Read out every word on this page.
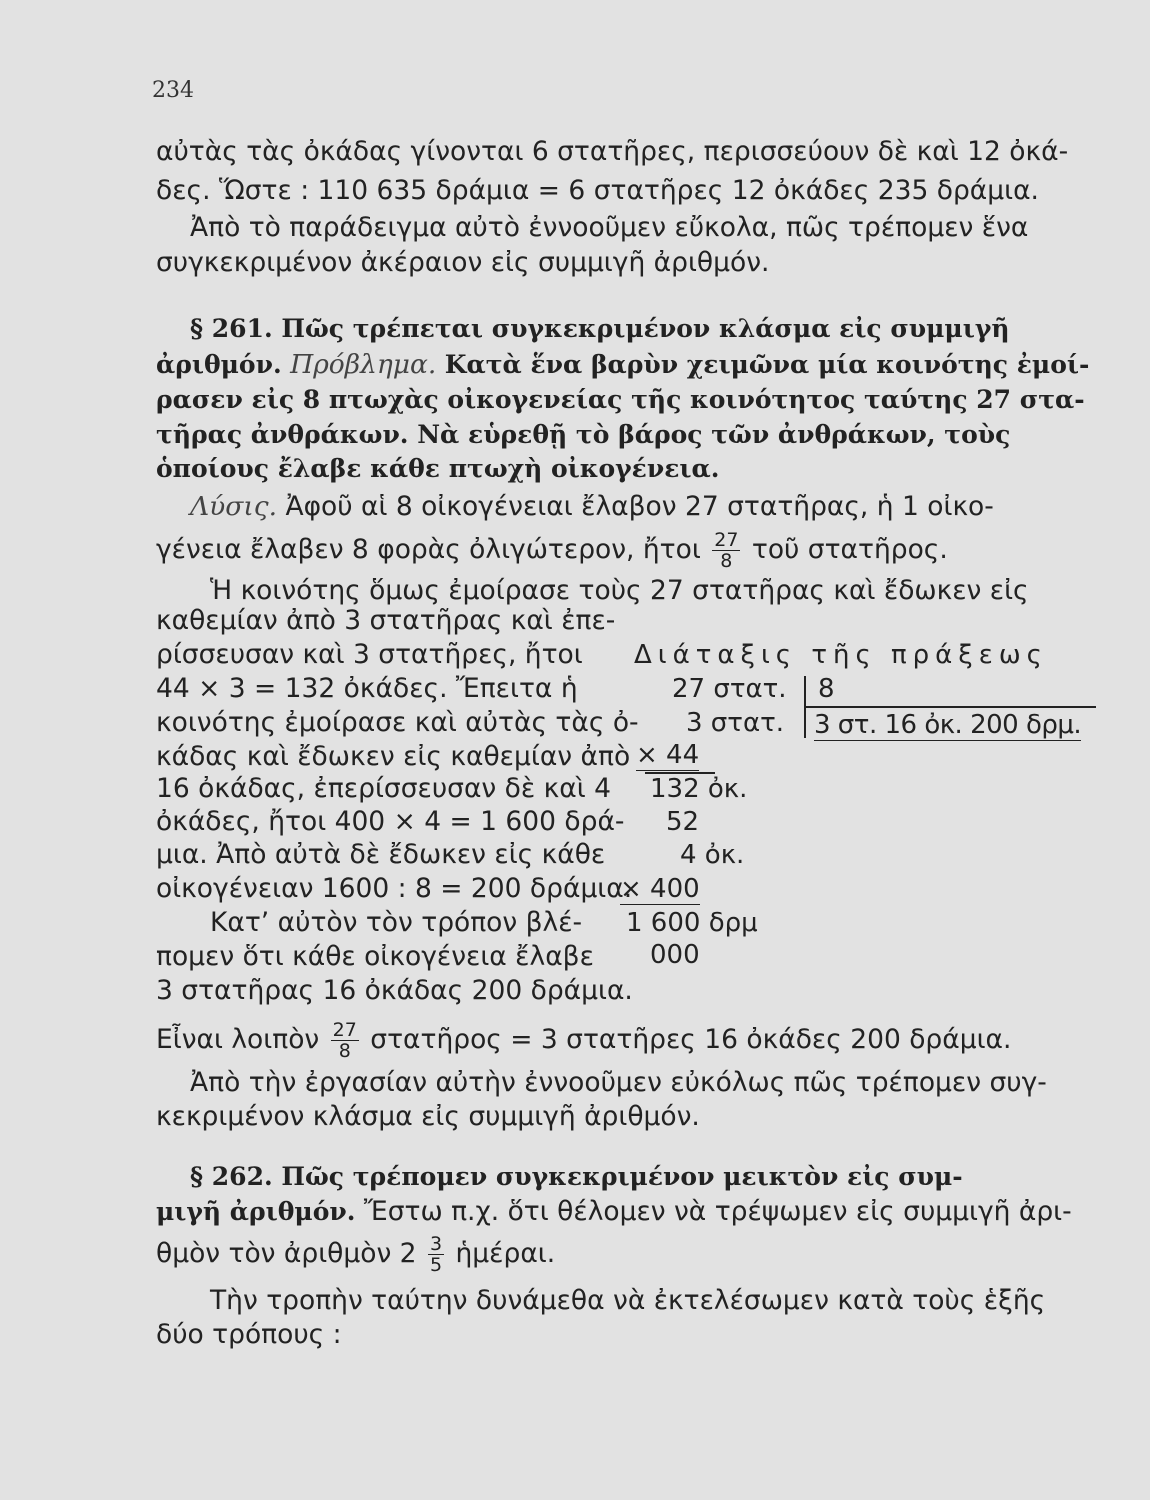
234
αὐτὰς τὰς ὀκάδας γίνονται 6 στατῆρες, περισσεύουν δὲ καὶ 12 ὀκά-
δες. Ὥστε : 110 635 δράμια = 6 στατῆρες 12 ὀκάδες 235 δράμια.
Ἀπὸ τὸ παράδειγμα αὐτὸ ἐννοοῦμεν εὔκολα, πῶς τρέπομεν ἕνα
συγκεκριμένον ἀκέραιον εἰς συμμιγῆ ἀριθμόν.
§ 261. Πῶς τρέπεται συγκεκριμένον κλάσμα εἰς συμμιγῆ
ἀριθμόν. Πρόβλημα. Κατὰ ἕνα βαρὺν χειμῶνα μία κοινότης ἐμοί-
ρασεν εἰς 8 πτωχὰς οἰκογενείας τῆς κοινότητος ταύτης 27 στα-
τῆρας ἀνθράκων. Νὰ εὑρεθῇ τὸ βάρος τῶν ἀνθράκων, τοὺς
ὁποίους ἔλαβε κάθε πτωχὴ οἰκογένεια.
Λύσις. Ἀφοῦ αἱ 8 οἰκογένειαι ἔλαβον 27 στατῆρας, ἡ 1 οἰκο-
γένεια ἔλαβεν 8 φορὰς ὀλιγώτερον, ἤτοι $\frac{27}{8}$ τοῦ στατῆρος.
Ἡ κοινότης ὅμως ἐμοίρασε τοὺς 27 στατῆρας καὶ ἔδωκεν εἰς
καθεμίαν ἀπὸ 3 στατῆρας καὶ ἐπε-
ρίσσευσαν καὶ 3 στατῆρες, ἤτοι
44 × 3 = 132 ὀκάδες. Ἔπειτα ἡ
κοινότης ἐμοίρασε καὶ αὐτὰς τὰς ὀ-
κάδας καὶ ἔδωκεν εἰς καθεμίαν ἀπὸ
16 ὀκάδας, ἐπερίσσευσαν δὲ καὶ 4
ὀκάδες, ἤτοι 400 × 4 = 1 600 δρά-
μια. Ἀπὸ αὐτὰ δὲ ἔδωκεν εἰς κάθε
οἰκογένειαν 1600 : 8 = 200 δράμια.
Κατ’ αὐτὸν τὸν τρόπον βλέ-
πομεν ὅτι κάθε οἰκογένεια ἔλαβε
3 στατῆρας 16 ὀκάδας 200 δράμια.
Διάταξις τῆς πράξεως
27 στατ.
3 στατ.
× 44
132 ὀκ.
52
4 ὀκ.
× 400
1 600 δρμ
000
8
3 στ. 16 ὀκ. 200 δρμ.
Εἶναι λοιπὸν $\frac{27}{8}$ στατῆρος = 3 στατῆρες 16 ὀκάδες 200 δράμια.
Ἀπὸ τὴν ἐργασίαν αὐτὴν ἐννοοῦμεν εὐκόλως πῶς τρέπομεν συγ-
κεκριμένον κλάσμα εἰς συμμιγῆ ἀριθμόν.
§ 262. Πῶς τρέπομεν συγκεκριμένον μεικτὸν εἰς συμ-
μιγῆ ἀριθμόν. Ἔστω π.χ. ὅτι θέλομεν νὰ τρέψωμεν εἰς συμμιγῆ ἀρι-
θμὸν τὸν ἀριθμὸν $2 \frac{3}{5}$ ἡμέραι.
Τὴν τροπὴν ταύτην δυνάμεθα νὰ ἐκτελέσωμεν κατὰ τοὺς ἑξῆς
δύο τρόπους :
